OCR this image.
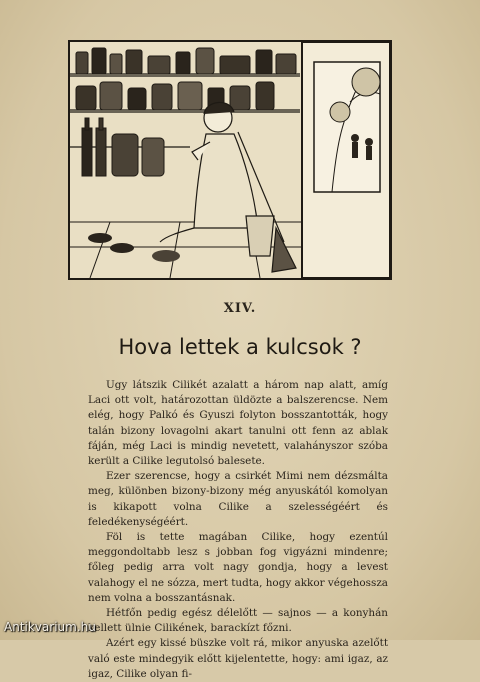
XIV.
Hova lettek a kulcsok ?

Ugy látszik Cilikét azalatt a három nap alatt, amíg Laci ott volt, határozottan üldözte a balszerencse. Nem elég, hogy Palkó és Gyuszi folyton bosszantották, hogy talán bizony lovagolni akart tanulni ott fenn az ablak fáján, még Laci is mindig nevetett, valahányszor szóba került a Cilike legutolsó balesete.

Ezer szerencse, hogy a csirkét Mimi nem dézsmálta meg, különben bizony-bizony még anyuskától komolyan is kikapott volna Cilike a szelességéért és feledékenységéért.

Föl is tette magában Cilike, hogy ezentúl meggondoltabb lesz s jobban fog vigyázni mindenre; főleg pedig arra volt nagy gondja, hogy a levest valahogy el ne sózza, mert tudta, hogy akkor végehossza nem volna a bosszantásnak.

Hétfőn pedig egész délelőtt — sajnos — a konyhán kellett ülnie Cilikének, barackízt főzni.

Azért egy kissé büszke volt rá, mikor anyuska azelőtt való este mindegyik előtt kijelentette, hogy: ami igaz, az igaz, Cilike olyan fi-

Antikvarium.hu
